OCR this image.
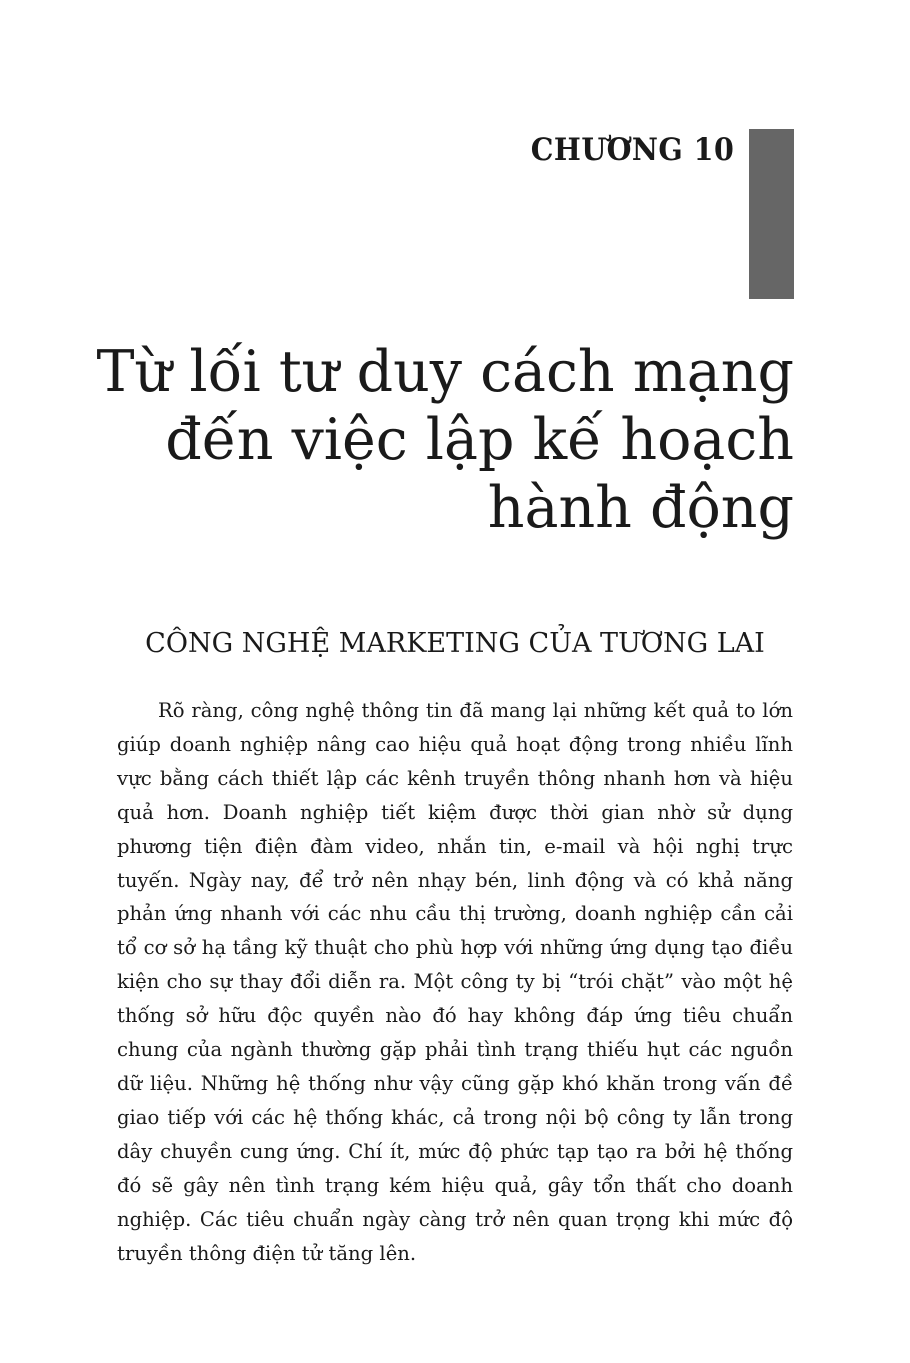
CHƯƠNG 10
Từ lối tư duy cách mạng
đến việc lập kế hoạch
hành động
CÔNG NGHỆ MARKETING CỦA TƯƠNG LAI

Rõ ràng, công nghệ thông tin đã mang lại những kết quả to lớn giúp doanh nghiệp nâng cao hiệu quả hoạt động trong nhiều lĩnh vực bằng cách thiết lập các kênh truyền thông nhanh hơn và hiệu quả hơn. Doanh nghiệp tiết kiệm được thời gian nhờ sử dụng phương tiện điện đàm video, nhắn tin, e-mail và hội nghị trực tuyến. Ngày nay, để trở nên nhạy bén, linh động và có khả năng phản ứng nhanh với các nhu cầu thị trường, doanh nghiệp cần cải tổ cơ sở hạ tầng kỹ thuật cho phù hợp với những ứng dụng tạo điều kiện cho sự thay đổi diễn ra. Một công ty bị “trói chặt” vào một hệ thống sở hữu độc quyền nào đó hay không đáp ứng tiêu chuẩn chung của ngành thường gặp phải tình trạng thiếu hụt các nguồn dữ liệu. Những hệ thống như vậy cũng gặp khó khăn trong vấn đề giao tiếp với các hệ thống khác, cả trong nội bộ công ty lẫn trong dây chuyền cung ứng. Chí ít, mức độ phức tạp tạo ra bởi hệ thống đó sẽ gây nên tình trạng kém hiệu quả, gây tổn thất cho doanh nghiệp. Các tiêu chuẩn ngày càng trở nên quan trọng khi mức độ truyền thông điện tử tăng lên.
